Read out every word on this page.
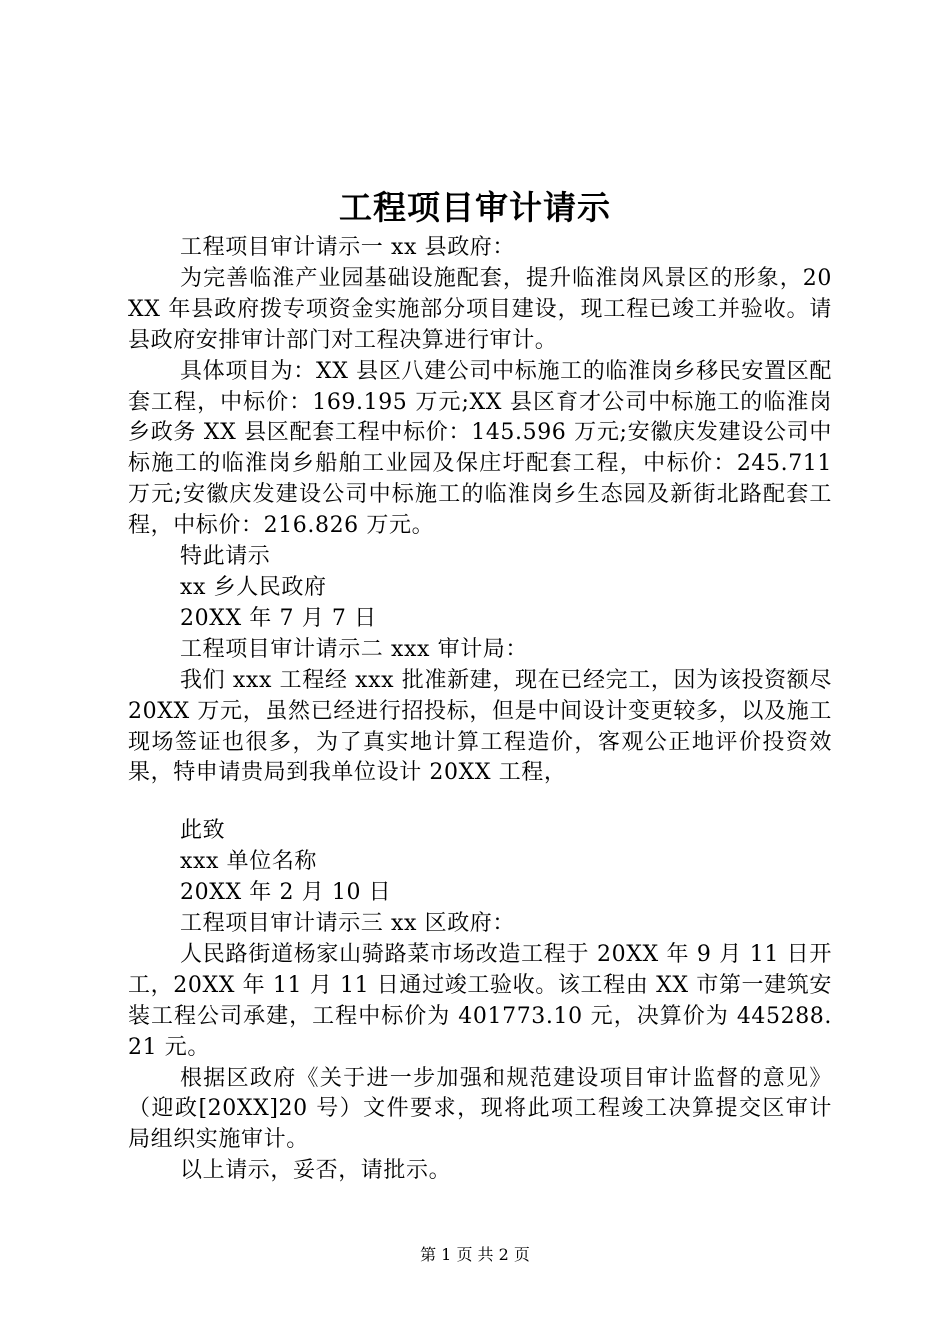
工程项目审计请示

工程项目审计请示一 xx 县政府：

为完善临淮产业园基础设施配套，提升临淮岗风景区的形象，20XX 年县政府拨专项资金实施部分项目建设，现工程已竣工并验收。请县政府安排审计部门对工程决算进行审计。

具体项目为：XX 县区八建公司中标施工的临淮岗乡移民安置区配套工程，中标价：169.195 万元;XX 县区育才公司中标施工的临淮岗乡政务 XX 县区配套工程中标价：145.596 万元;安徽庆发建设公司中标施工的临淮岗乡船舶工业园及保庄圩配套工程，中标价：245.711 万元;安徽庆发建设公司中标施工的临淮岗乡生态园及新街北路配套工程，中标价：216.826 万元。

特此请示

xx 乡人民政府

20XX 年 7 月 7 日

工程项目审计请示二 xxx 审计局：

我们 xxx 工程经 xxx 批准新建，现在已经完工，因为该投资额尽 20XX 万元，虽然已经进行招投标，但是中间设计变更较多，以及施工现场签证也很多，为了真实地计算工程造价，客观公正地评价投资效果，特申请贵局到我单位设计 20XX 工程，

此致

xxx 单位名称

20XX 年 2 月 10 日

工程项目审计请示三 xx 区政府：

人民路街道杨家山骑路菜市场改造工程于 20XX 年 9 月 11 日开工，20XX 年 11 月 11 日通过竣工验收。该工程由 XX 市第一建筑安装工程公司承建，工程中标价为 401773.10 元，决算价为 445288.21 元。

根据区政府《关于进一步加强和规范建设项目审计监督的意见》（迎政[20XX]20 号）文件要求，现将此项工程竣工决算提交区审计局组织实施审计。

以上请示，妥否，请批示。

第 1 页 共 2 页
